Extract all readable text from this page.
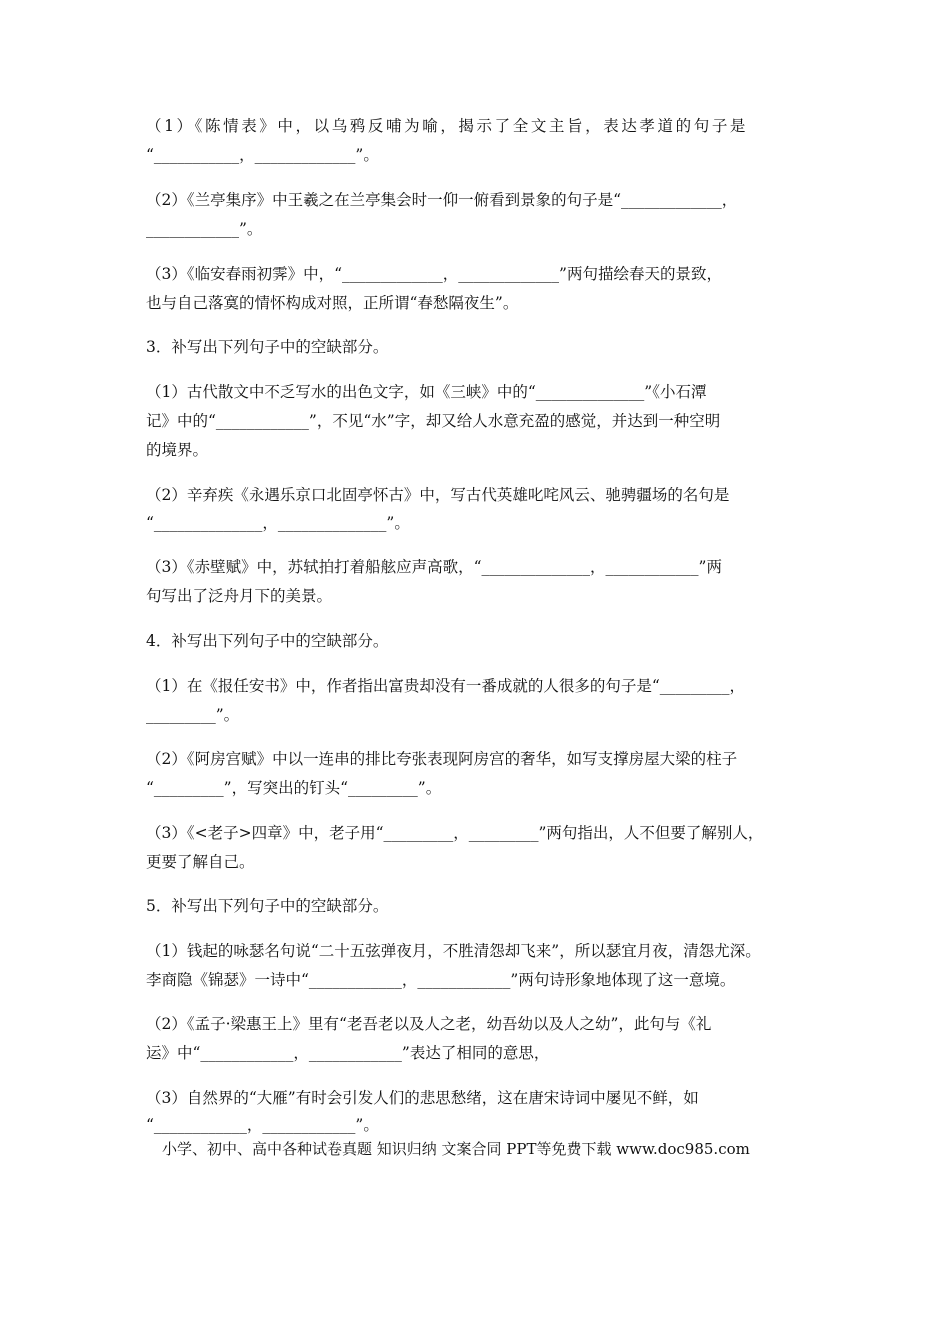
（1）《陈情表》中，以乌鸦反哺为喻，揭示了全文主旨，表达孝道的句子是
“___________，_____________”。
（2）《兰亭集序》中王羲之在兰亭集会时一仰一俯看到景象的句子是“_____________，
____________”。
（3）《临安春雨初霁》中，“_____________，_____________”两句描绘春天的景致，
也与自己落寞的情怀构成对照，正所谓“春愁隔夜生”。
3．补写出下列句子中的空缺部分。
（1）古代散文中不乏写水的出色文字，如《三峡》中的“______________”《小石潭
记》中的“____________”，不见“水”字，却又给人水意充盈的感觉，并达到一种空明
的境界。
（2）辛弃疾《永遇乐京口北固亭怀古》中，写古代英雄叱咤风云、驰骋疆场的名句是
“______________，______________”。
（3）《赤壁赋》中，苏轼拍打着船舷应声高歌，“______________，____________”两
句写出了泛舟月下的美景。
4．补写出下列句子中的空缺部分。
（1）在《报任安书》中，作者指出富贵却没有一番成就的人很多的句子是“_________，
_________”。
（2）《阿房宫赋》中以一连串的排比夸张表现阿房宫的奢华，如写支撑房屋大梁的柱子
“_________”，写突出的钉头“_________”。
（3）《<老子>四章》中，老子用“_________，_________”两句指出，人不但要了解别人，
更要了解自己。
5．补写出下列句子中的空缺部分。
（1）钱起的咏瑟名句说“二十五弦弹夜月，不胜清怨却飞来”，所以瑟宜月夜，清怨尤深。
李商隐《锦瑟》一诗中“____________，____________”两句诗形象地体现了这一意境。
（2）《孟子·梁惠王上》里有“老吾老以及人之老，幼吾幼以及人之幼”，此句与《礼
运》中“____________，____________”表达了相同的意思，
（3）自然界的“大雁”有时会引发人们的悲思愁绪，这在唐宋诗词中屡见不鲜，如
“____________，____________”。
小学、初中、高中各种试卷真题 知识归纳 文案合同 PPT等免费下载 www.doc985.com
